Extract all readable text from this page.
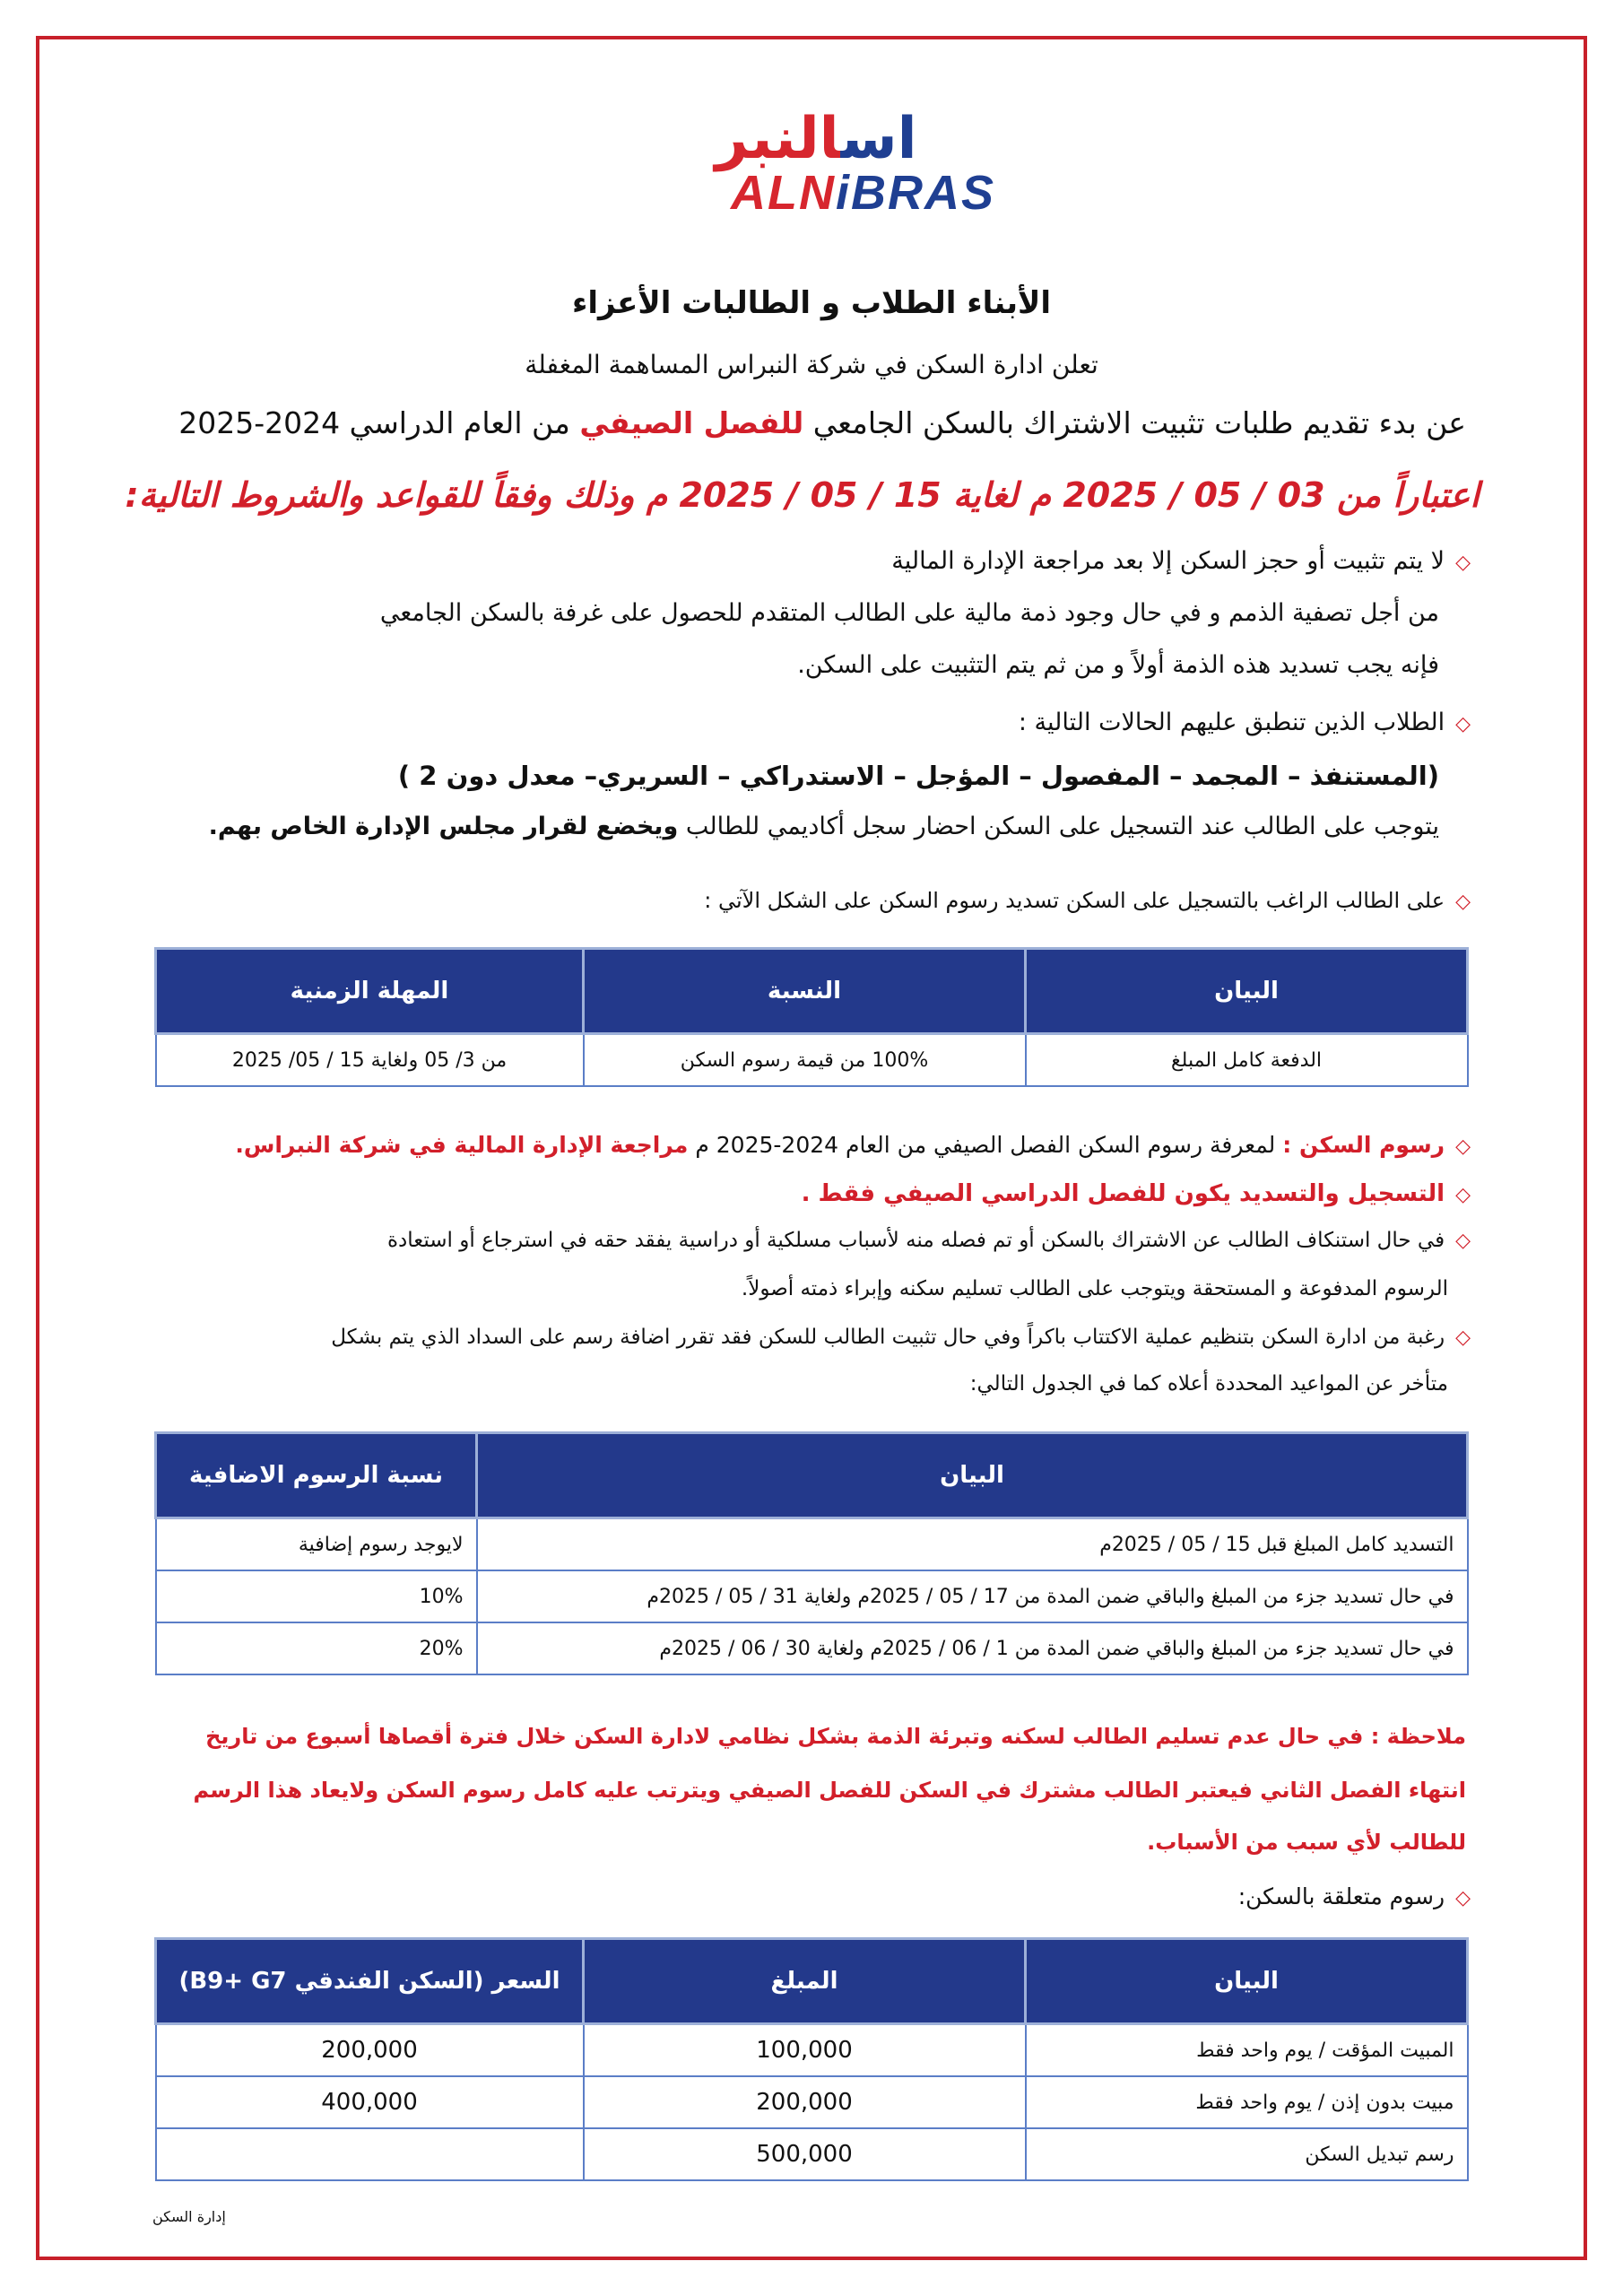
اسالنبر
ALNiBRAS
الأبناء الطلاب و الطالبات الأعزاء
تعلن ادارة السكن في شركة النبراس المساهمة المغفلة
عن بدء تقديم طلبات تثبيت الاشتراك بالسكن الجامعي للفصل الصيفي من العام الدراسي 2024-2025
اعتباراً من 03 / 05 / 2025 م لغاية 15 / 05 / 2025 م وذلك وفقاً للقواعد والشروط التالية:
◇لا يتم تثبيت أو حجز السكن إلا بعد مراجعة الإدارة المالية
من أجل تصفية الذمم و في حال وجود ذمة مالية على الطالب المتقدم للحصول على غرفة بالسكن الجامعي
فإنه يجب تسديد هذه الذمة أولاً و من ثم يتم التثبيت على السكن.
◇الطلاب الذين تنطبق عليهم الحالات التالية :
(المستنفذ – المجمد – المفصول – المؤجل – الاستدراكي – السريري– معدل دون 2 )
يتوجب على الطالب عند التسجيل على السكن احضار سجل أكاديمي للطالب ويخضع لقرار مجلس الإدارة الخاص بهم.
◇على الطالب الراغب بالتسجيل على السكن تسديد رسوم السكن على الشكل الآتي :
البيان	النسبة	المهلة الزمنية
الدفعة كامل المبلغ	100% من قيمة رسوم السكن	من 3/ 05 ولغاية 15 / 05/ 2025
◇رسوم السكن : لمعرفة رسوم السكن الفصل الصيفي من العام 2024-2025 م مراجعة الإدارة المالية في شركة النبراس.
◇التسجيل والتسديد يكون للفصل الدراسي الصيفي فقط .
◇في حال استنكاف الطالب عن الاشتراك بالسكن أو تم فصله منه لأسباب مسلكية أو دراسية يفقد حقه في استرجاع أو استعادة
الرسوم المدفوعة و المستحقة ويتوجب على الطالب تسليم سكنه وإبراء ذمته أصولاً.
◇رغبة من ادارة السكن بتنظيم عملية الاكتتاب باكراً وفي حال تثبيت الطالب للسكن فقد تقرر اضافة رسم على السداد الذي يتم بشكل
متأخر عن المواعيد المحددة أعلاه كما في الجدول التالي:
البيان	نسبة الرسوم الاضافية
التسديد كامل المبلغ قبل 15 / 05 / 2025م	لايوجد رسوم إضافية
في حال تسديد جزء من المبلغ والباقي ضمن المدة من 17 / 05 / 2025م ولغاية 31 / 05 / 2025م	10%
في حال تسديد جزء من المبلغ والباقي ضمن المدة من 1 / 06 / 2025م ولغاية 30 / 06 / 2025م	20%
ملاحظة : في حال عدم تسليم الطالب لسكنه وتبرئة الذمة بشكل نظامي لادارة السكن خلال فترة أقصاها أسبوع من تاريخ
انتهاء الفصل الثاني فيعتبر الطالب مشترك في السكن للفصل الصيفي ويترتب عليه كامل رسوم السكن ولايعاد هذا الرسم
للطالب لأي سبب من الأسباب.
◇رسوم متعلقة بالسكن:
البيان	المبلغ	السعر (السكن الفندقي B9+ G7)
المبيت المؤقت / يوم واحد فقط	100,000	200,000
مبيت بدون إذن / يوم واحد فقط	200,000	400,000
رسم تبديل السكن	500,000	
إدارة السكن
